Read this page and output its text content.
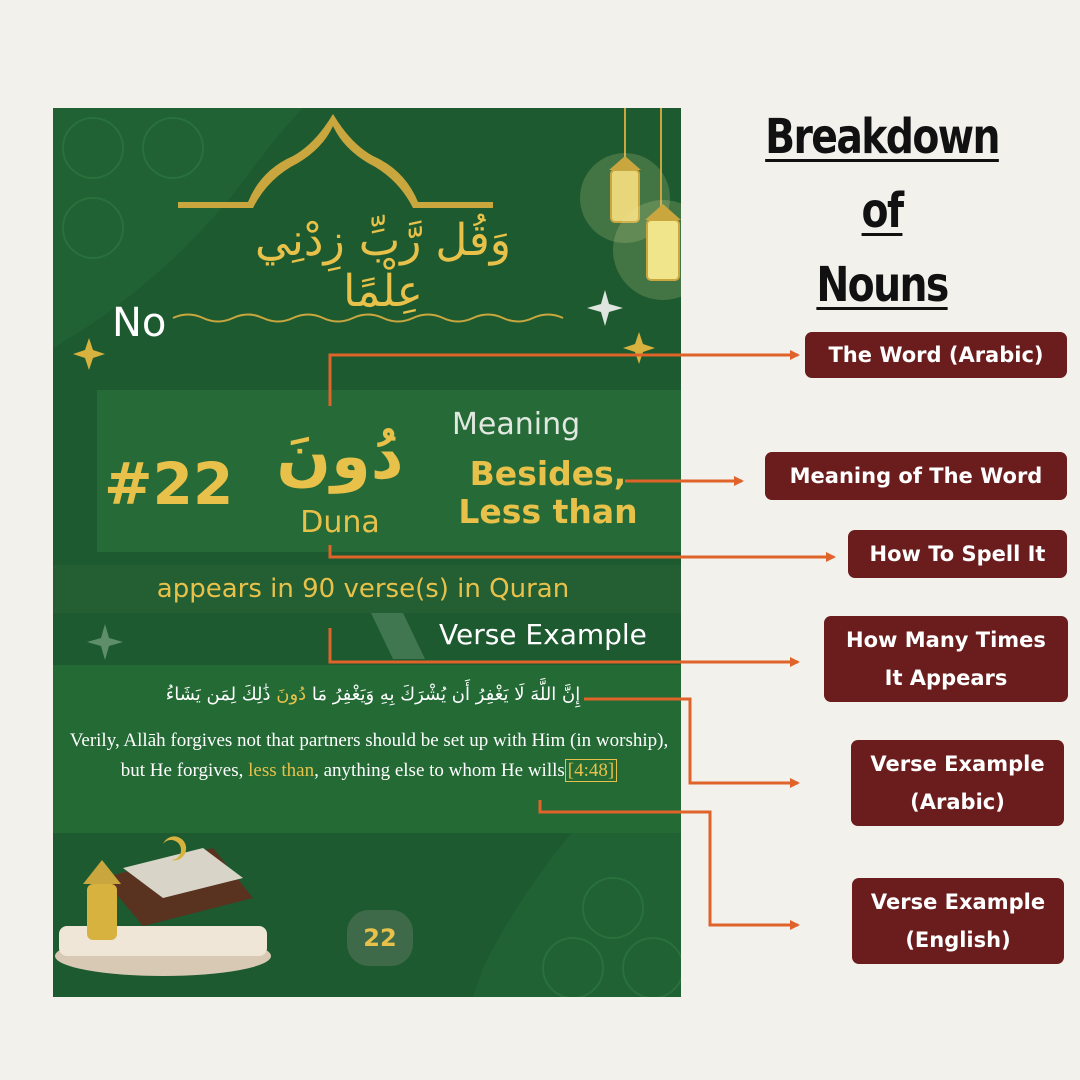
وَقُل رَّبِّ زِدْنِي عِلْمًا
No
#22 دُونَ
Duna
Meaning
Besides,
Less than
appears in 90 verse(s) in Quran
Verse Example
إِنَّ اللَّهَ لَا يَغْفِرُ أَن يُشْرَكَ بِهِ وَيَغْفِرُ مَا دُونَ ذَٰلِكَ لِمَن يَشَاءُ
Verily, Allāh forgives not that partners should be set up with Him (in worship), but He forgives, less than, anything else to whom He wills [4:48]
22
Breakdown of
Nouns
The Word (Arabic)
Meaning of The Word
How To Spell It
How Many Times
It Appears
Verse Example
(Arabic)
Verse Example
(English)
